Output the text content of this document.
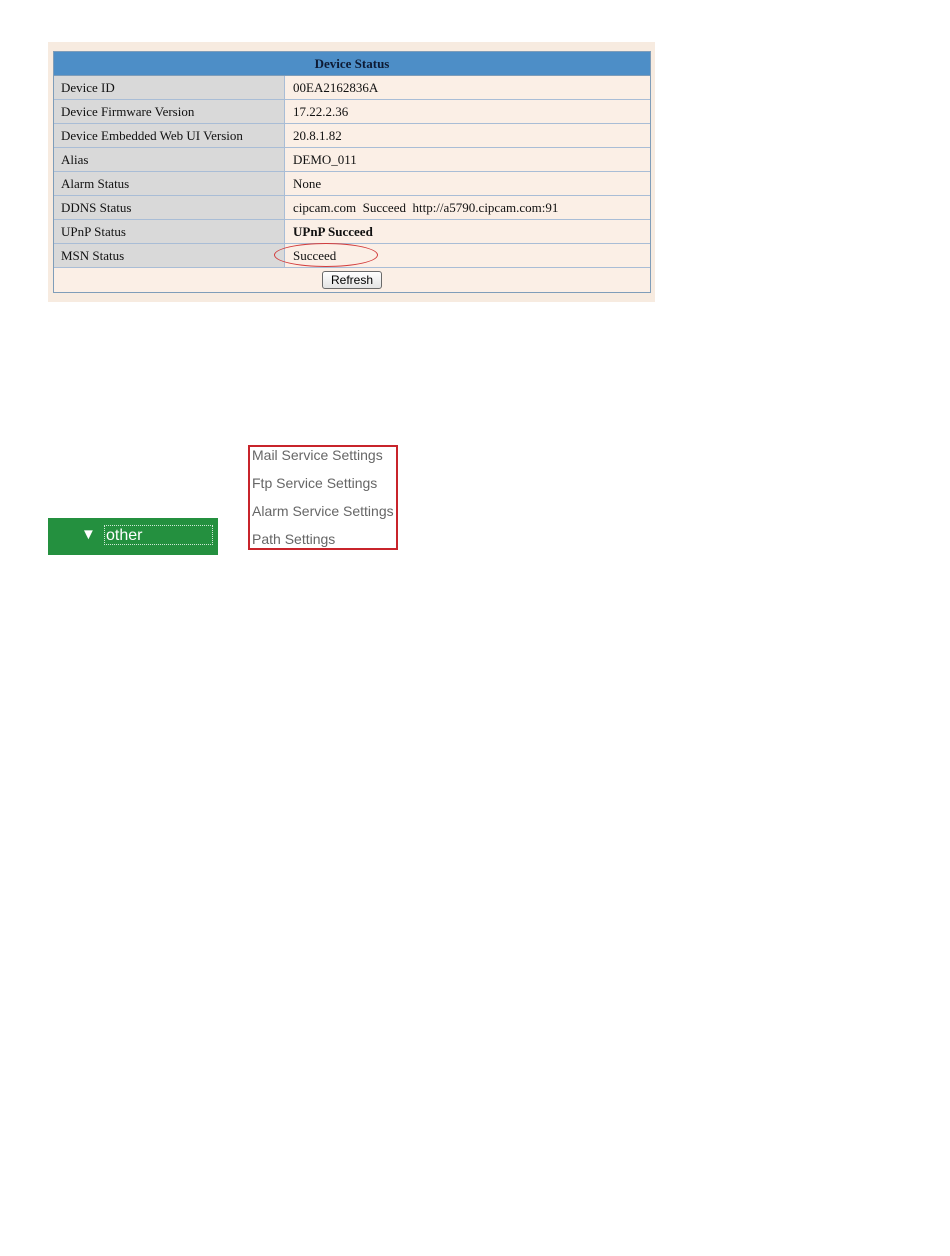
Device Status
Device ID	00EA2162836A
Device Firmware Version	17.22.2.36
Device Embedded Web UI Version	20.8.1.82
Alias	DEMO_011
Alarm Status	None
DDNS Status	cipcam.com  Succeed  http://a5790.cipcam.com:91
UPnP Status	UPnP Succeed
MSN Status	Succeed
Refresh
▼ other
Mail Service Settings
Ftp Service Settings
Alarm Service Settings
Path Settings
